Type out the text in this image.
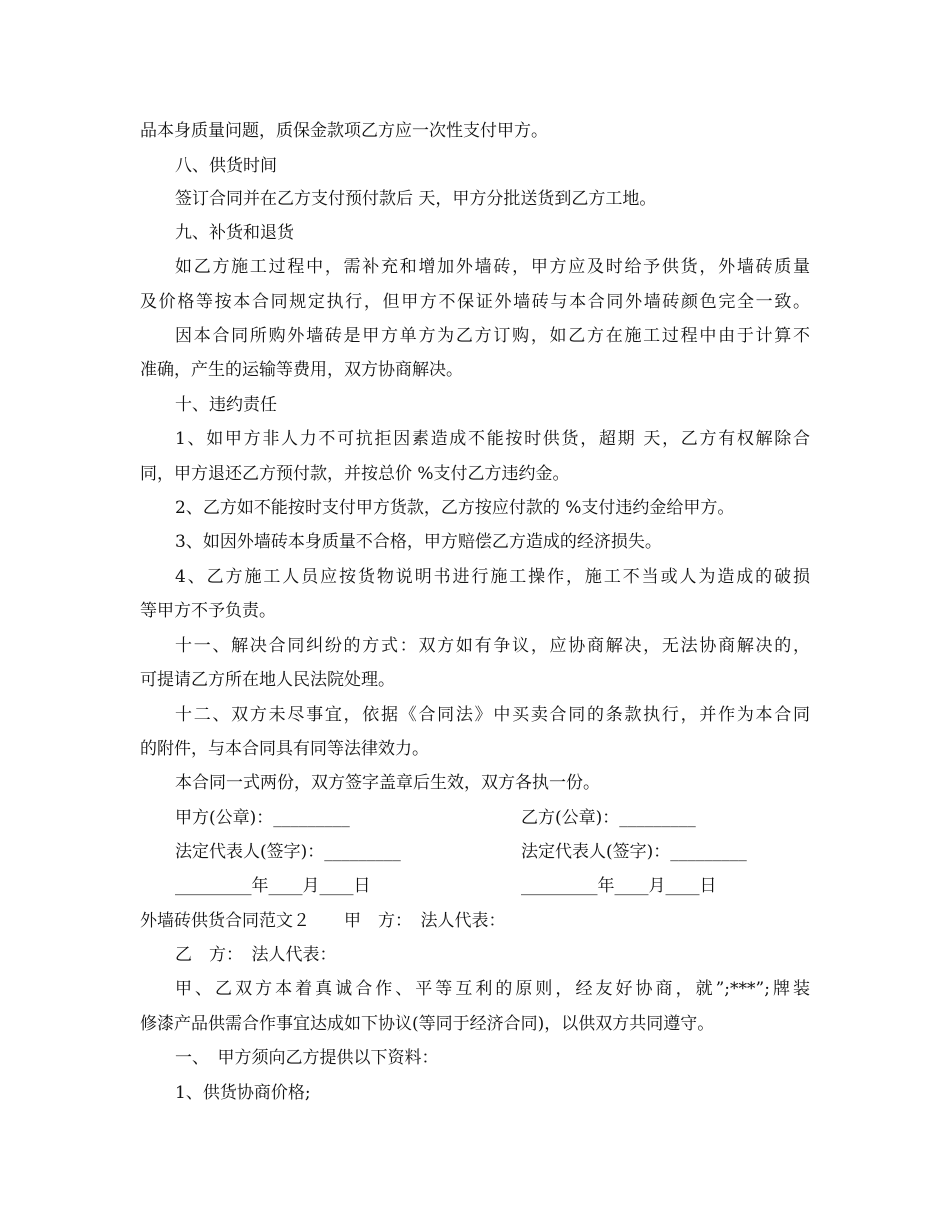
品本身质量问题，质保金款项乙方应一次性支付甲方。
八、供货时间
签订合同并在乙方支付预付款后 天，甲方分批送货到乙方工地。
九、补货和退货
如乙方施工过程中，需补充和增加外墙砖，甲方应及时给予供货，外墙砖质量
及价格等按本合同规定执行，但甲方不保证外墙砖与本合同外墙砖颜色完全一致。
因本合同所购外墙砖是甲方单方为乙方订购，如乙方在施工过程中由于计算不
准确，产生的运输等费用，双方协商解决。
十、违约责任
1、如甲方非人力不可抗拒因素造成不能按时供货，超期 天，乙方有权解除合
同，甲方退还乙方预付款，并按总价 %支付乙方违约金。
2、乙方如不能按时支付甲方货款，乙方按应付款的 %支付违约金给甲方。
3、如因外墙砖本身质量不合格，甲方赔偿乙方造成的经济损失。
4、乙方施工人员应按货物说明书进行施工操作，施工不当或人为造成的破损
等甲方不予负责。
十一、解决合同纠纷的方式：双方如有争议，应协商解决，无法协商解决的，
可提请乙方所在地人民法院处理。
十二、双方未尽事宜，依据《合同法》中买卖合同的条款执行，并作为本合同
的附件，与本合同具有同等法律效力。
本合同一式两份，双方签字盖章后生效，双方各执一份。
甲方(公章)：_________	乙方(公章)：_________
法定代表人(签字)：_________	法定代表人(签字)：_________
_________年____月____日	_________年____月____日
外墙砖供货合同范文２　　甲　方：　法人代表：
乙　方：　法人代表：
甲、乙双方本着真诚合作、平等互利的原则，经友好协商，就”;***”;牌装
修漆产品供需合作事宜达成如下协议(等同于经济合同)，以供双方共同遵守。
一、　甲方须向乙方提供以下资料：
1、供货协商价格;
